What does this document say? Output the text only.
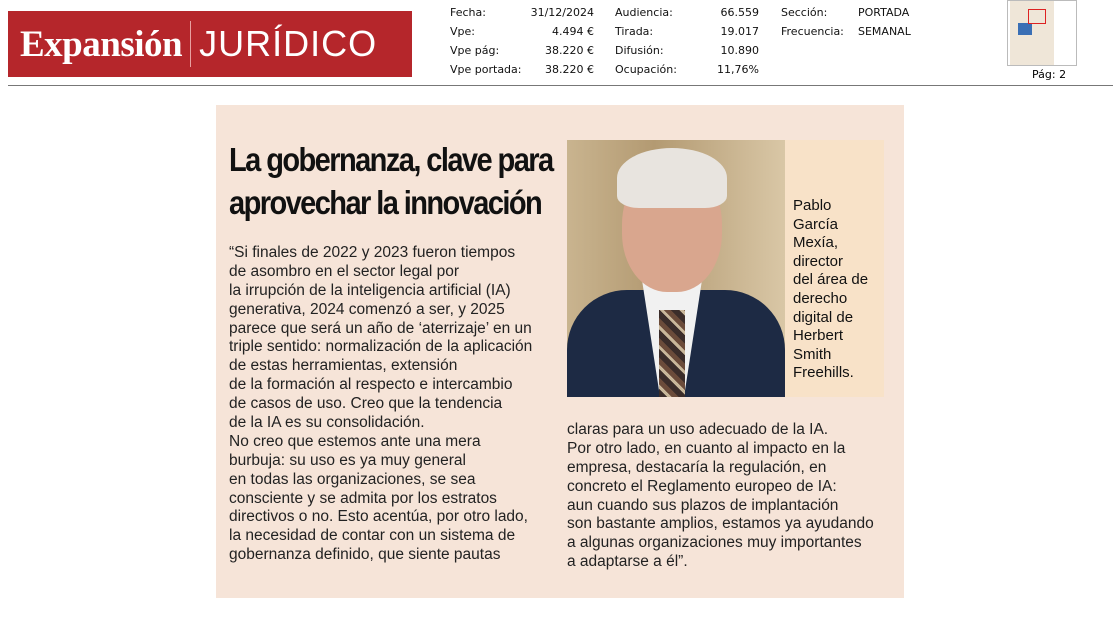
Expansión JURÍDICO
Fecha:	31/12/2024
Vpe:	4.494 €
Vpe pág:	38.220 €
Vpe portada:	38.220 €
Audiencia:	66.559
Tirada:	19.017
Difusión:	10.890
Ocupación:	11,76%
Sección:	PORTADA
Frecuencia:	SEMANAL
Pág: 2
La gobernanza, clave para
aprovechar la innovación
“Si finales de 2022 y 2023 fueron tiempos
de asombro en el sector legal por
la irrupción de la inteligencia artificial (IA)
generativa, 2024 comenzó a ser, y 2025
parece que será un año de ‘aterrizaje’ en un
triple sentido: normalización de la aplicación
de estas herramientas, extensión
de la formación al respecto e intercambio
de casos de uso. Creo que la tendencia
de la IA es su consolidación.
No creo que estemos ante una mera
burbuja: su uso es ya muy general
en todas las organizaciones, se sea
consciente y se admita por los estratos
directivos o no. Esto acentúa, por otro lado,
la necesidad de contar con un sistema de
gobernanza definido, que siente pautas
claras para un uso adecuado de la IA.
Por otro lado, en cuanto al impacto en la
empresa, destacaría la regulación, en
concreto el Reglamento europeo de IA:
aun cuando sus plazos de implantación
son bastante amplios, estamos ya ayudando
a algunas organizaciones muy importantes
a adaptarse a él”.
Pablo
García
Mexía,
director
del área de
derecho
digital de
Herbert
Smith
Freehills.
